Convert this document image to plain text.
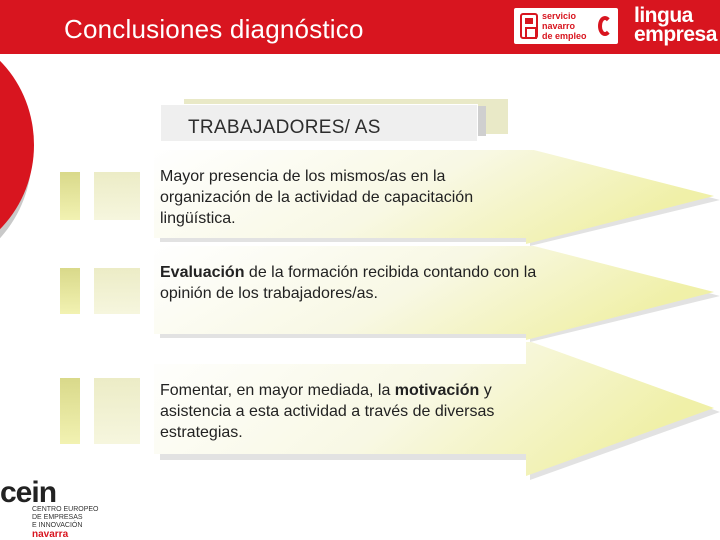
Conclusiones diagnóstico	servicio
navarro
de empleo
lingua
empresa
TRABAJADORES/ AS
Mayor presencia de los mismos/as en la organización de la actividad de capacitación lingüística.
Evaluación de la formación recibida contando con la opinión de los trabajadores/as.
Fomentar, en mayor mediada, la motivación y asistencia a esta actividad a través de diversas estrategias.
cein
CENTRO EUROPEO
DE EMPRESAS
E INNOVACIÓN
navarra
